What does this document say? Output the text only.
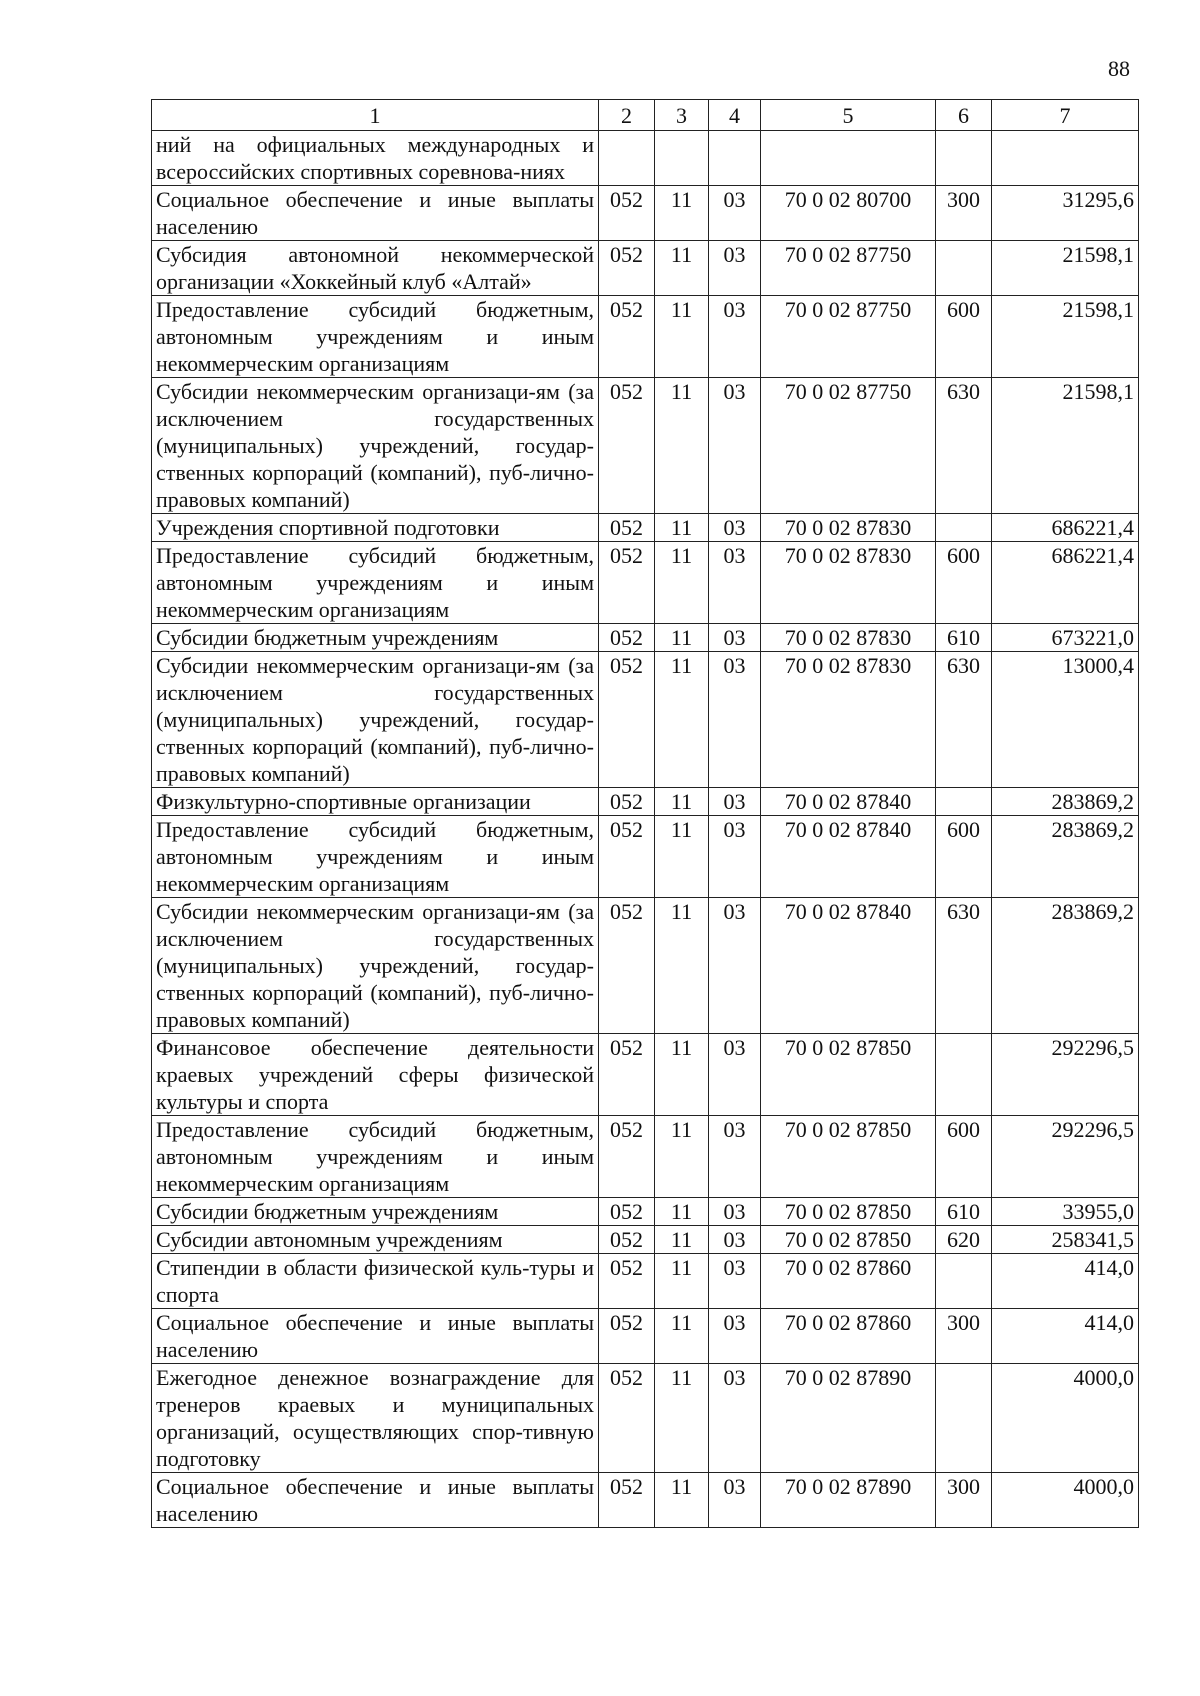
88
1	2	3	4	5	6	7
ний на официальных международных и всероссийских спортивных соревнова-ниях						
Социальное обеспечение и иные выплаты населению	052	11	03	70 0 02 80700	300	31295,6
Субсидия автономной некоммерческой организации «Хоккейный клуб «Алтай»	052	11	03	70 0 02 87750		21598,1
Предоставление субсидий бюджетным, автономным учреждениям и иным некоммерческим организациям	052	11	03	70 0 02 87750	600	21598,1
Субсидии некоммерческим организаци-ям (за исключением государственных (муниципальных) учреждений, государ-ственных корпораций (компаний), пуб-лично-правовых компаний)	052	11	03	70 0 02 87750	630	21598,1
Учреждения спортивной подготовки	052	11	03	70 0 02 87830		686221,4
Предоставление субсидий бюджетным, автономным учреждениям и иным некоммерческим организациям	052	11	03	70 0 02 87830	600	686221,4
Субсидии бюджетным учреждениям	052	11	03	70 0 02 87830	610	673221,0
Субсидии некоммерческим организаци-ям (за исключением государственных (муниципальных) учреждений, государ-ственных корпораций (компаний), пуб-лично-правовых компаний)	052	11	03	70 0 02 87830	630	13000,4
Физкультурно-спортивные организации	052	11	03	70 0 02 87840		283869,2
Предоставление субсидий бюджетным, автономным учреждениям и иным некоммерческим организациям	052	11	03	70 0 02 87840	600	283869,2
Субсидии некоммерческим организаци-ям (за исключением государственных (муниципальных) учреждений, государ-ственных корпораций (компаний), пуб-лично-правовых компаний)	052	11	03	70 0 02 87840	630	283869,2
Финансовое обеспечение деятельности краевых учреждений сферы физической культуры и спорта	052	11	03	70 0 02 87850		292296,5
Предоставление субсидий бюджетным, автономным учреждениям и иным некоммерческим организациям	052	11	03	70 0 02 87850	600	292296,5
Субсидии бюджетным учреждениям	052	11	03	70 0 02 87850	610	33955,0
Субсидии автономным учреждениям	052	11	03	70 0 02 87850	620	258341,5
Стипендии в области физической куль-туры и спорта	052	11	03	70 0 02 87860		414,0
Социальное обеспечение и иные выплаты населению	052	11	03	70 0 02 87860	300	414,0
Ежегодное денежное вознаграждение для тренеров краевых и муниципальных организаций, осуществляющих спор-тивную подготовку	052	11	03	70 0 02 87890		4000,0
Социальное обеспечение и иные выплаты населению	052	11	03	70 0 02 87890	300	4000,0
